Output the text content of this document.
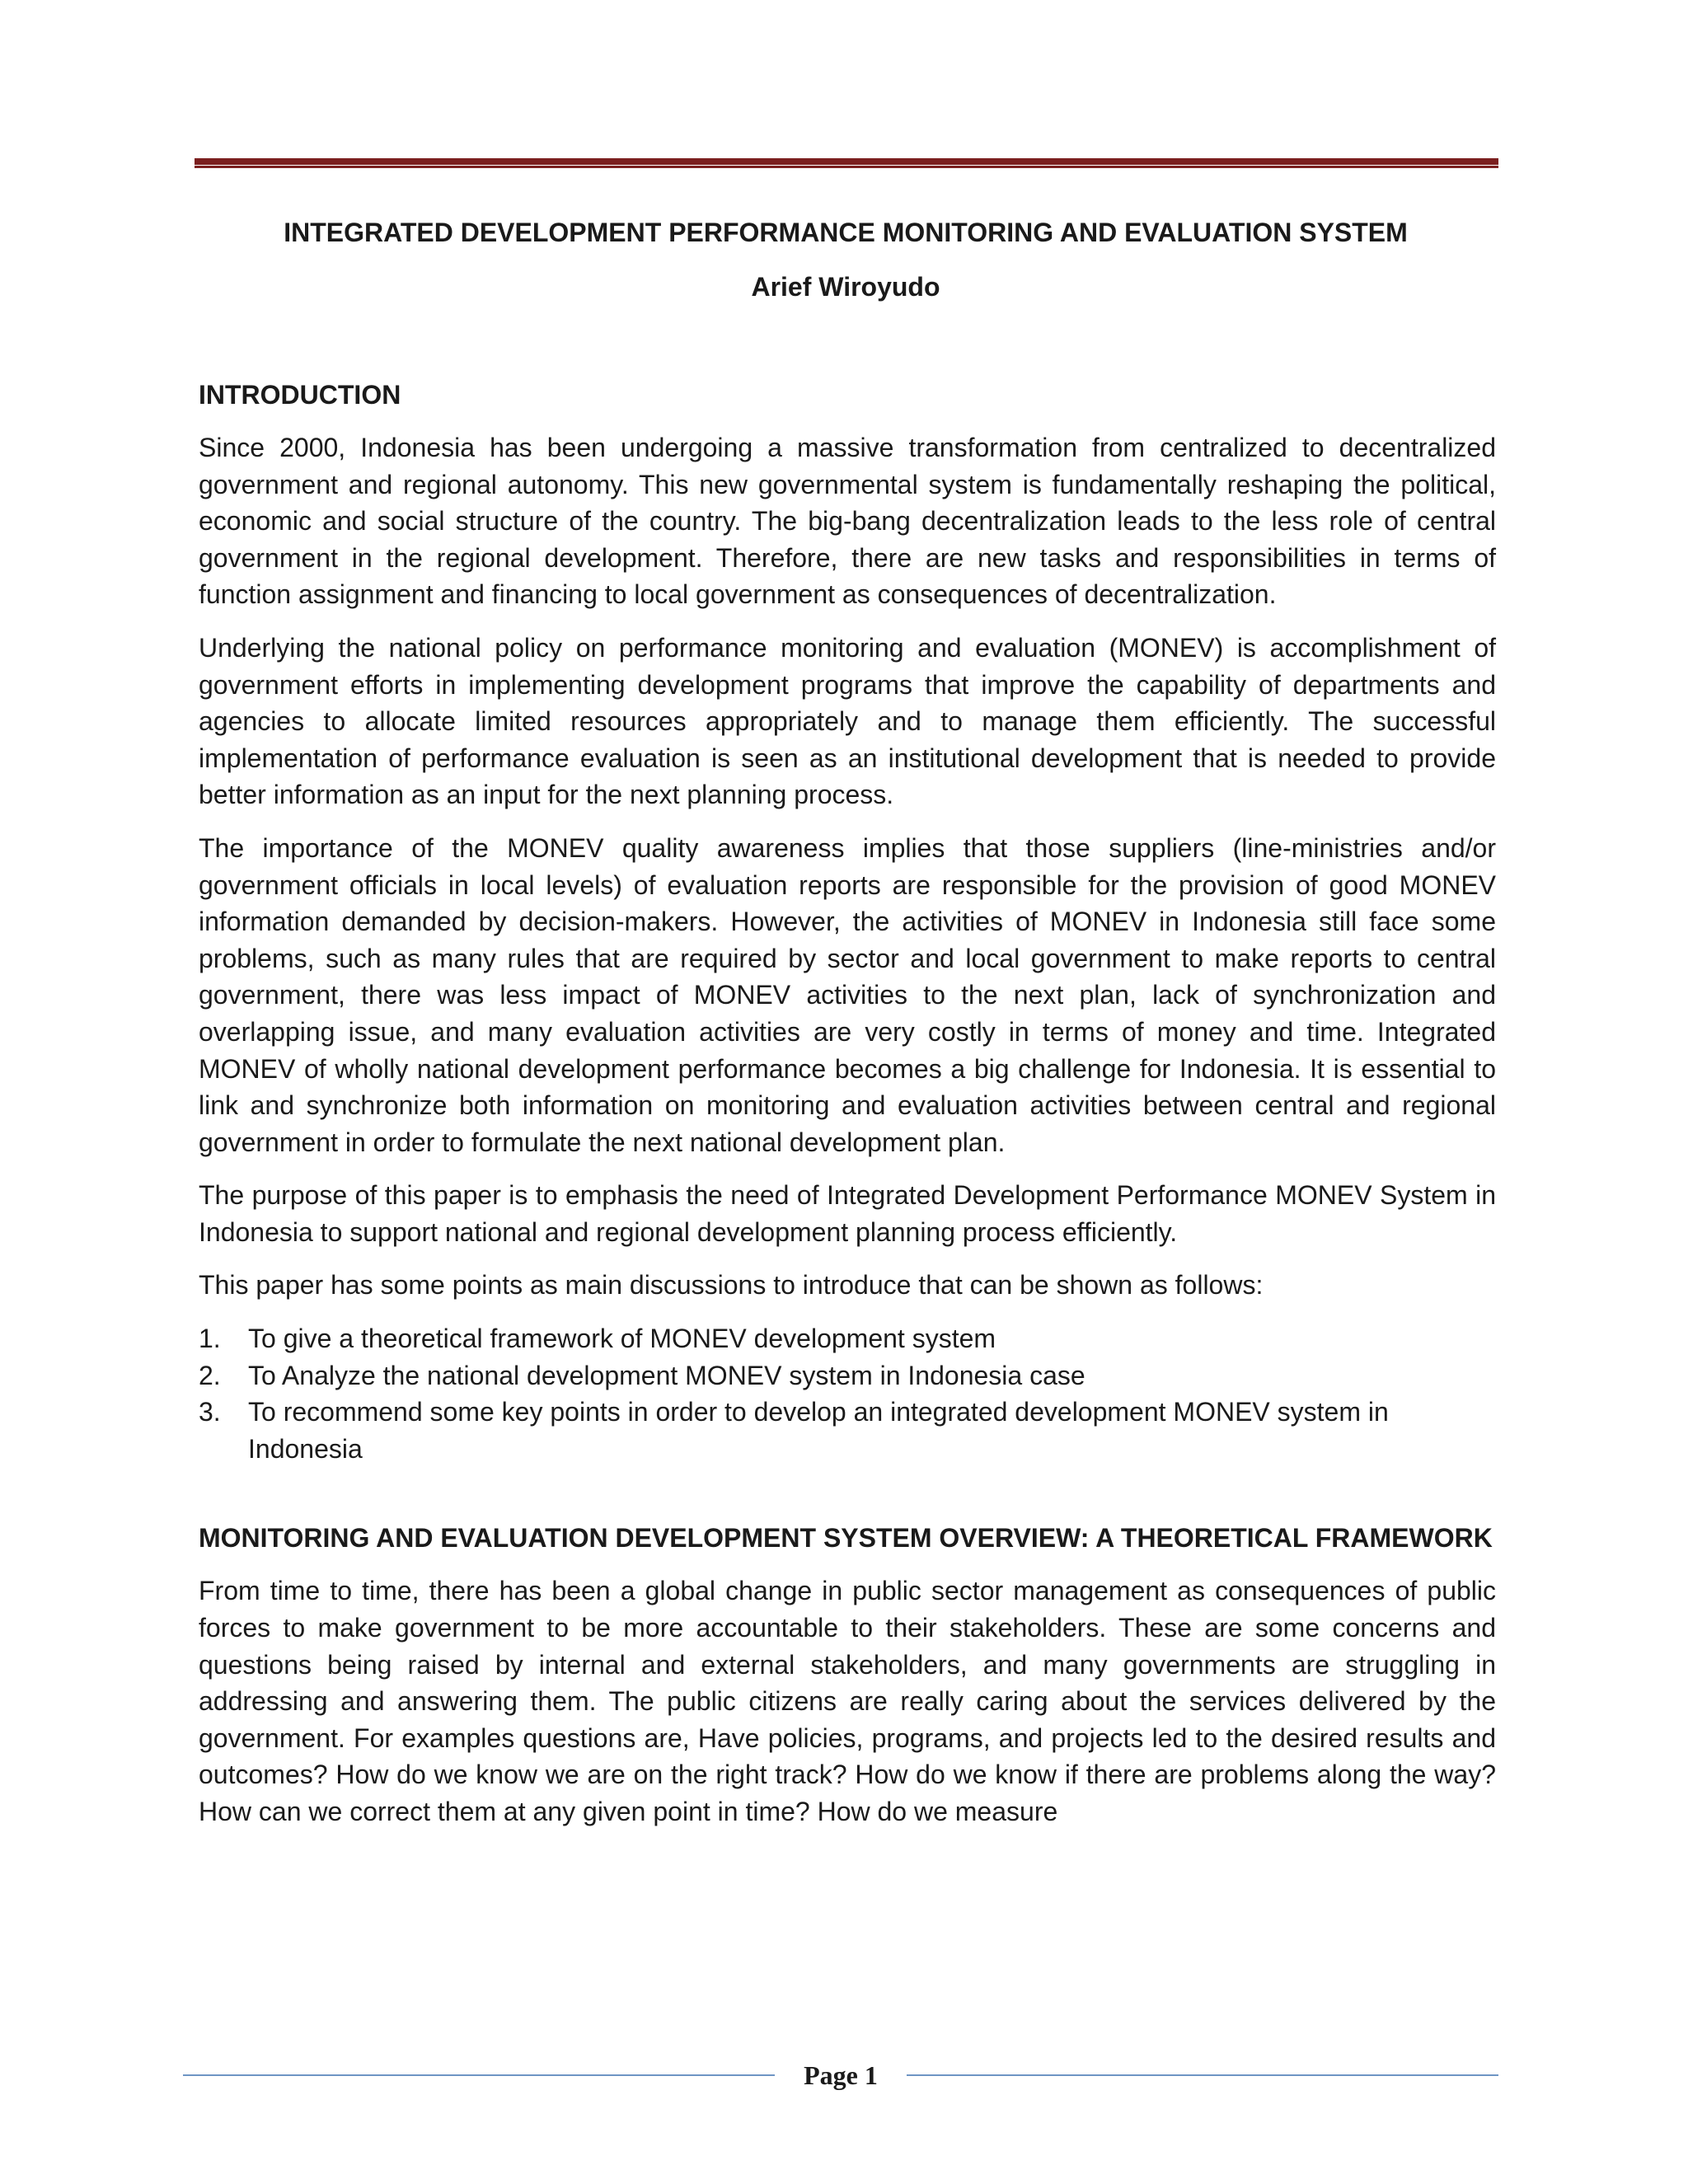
INTEGRATED DEVELOPMENT PERFORMANCE MONITORING AND EVALUATION SYSTEM
Arief Wiroyudo
INTRODUCTION

Since 2000, Indonesia has been undergoing a massive transformation from centralized to decentralized government and regional autonomy. This new governmental system is fundamentally reshaping the political, economic and social structure of the country. The big-bang decentralization leads to the less role of central government in the regional development. Therefore, there are new tasks and responsibilities in terms of function assignment and financing to local government as consequences of decentralization.

Underlying the national policy on performance monitoring and evaluation (MONEV) is accomplishment of government efforts in implementing development programs that improve the capability of departments and agencies to allocate limited resources appropriately and to manage them efficiently. The successful implementation of performance evaluation is seen as an institutional development that is needed to provide better information as an input for the next planning process.

The importance of the MONEV quality awareness implies that those suppliers (line-ministries and/or government officials in local levels) of evaluation reports are responsible for the provision of good MONEV information demanded by decision-makers. However, the activities of MONEV in Indonesia still face some problems, such as many rules that are required by sector and local government to make reports to central government, there was less impact of MONEV activities to the next plan, lack of synchronization and overlapping issue, and many evaluation activities are very costly in terms of money and time. Integrated MONEV of wholly national development performance becomes a big challenge for Indonesia. It is essential to link and synchronize both information on monitoring and evaluation activities between central and regional government in order to formulate the next national development plan.

The purpose of this paper is to emphasis the need of Integrated Development Performance MONEV System in Indonesia to support national and regional development planning process efficiently.

This paper has some points as main discussions to introduce that can be shown as follows:

1. To give a theoretical framework of MONEV development system
2. To Analyze the national development MONEV system in Indonesia case
3. To recommend some key points in order to develop an integrated development MONEV system in Indonesia
MONITORING AND EVALUATION DEVELOPMENT SYSTEM OVERVIEW: A THEORETICAL FRAMEWORK

From time to time, there has been a global change in public sector management as consequences of public forces to make government to be more accountable to their stakeholders. These are some concerns and questions being raised by internal and external stakeholders, and many governments are struggling in addressing and answering them. The public citizens are really caring about the services delivered by the government. For examples questions are, Have policies, programs, and projects led to the desired results and outcomes? How do we know we are on the right track? How do we know if there are problems along the way? How can we correct them at any given point in time? How do we measure

Page 1
